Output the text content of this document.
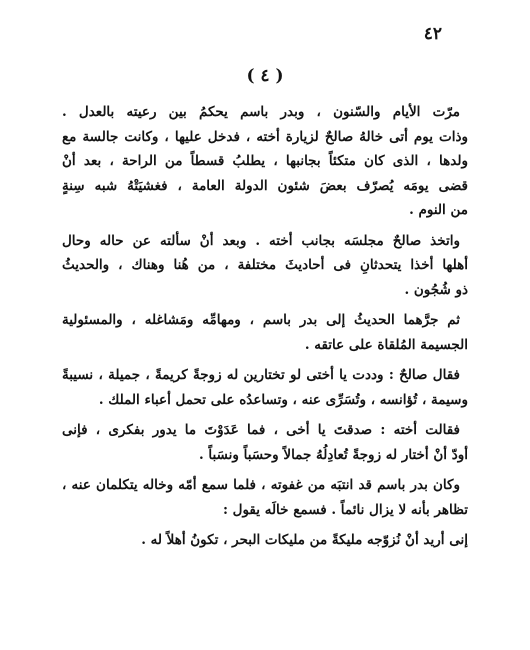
٤٢
( ٤ )
مرّت الأيام والسّنون ، وبدر باسم يحكمُ بين رعيته بالعدل .
وذات يوم أتى خالهُ صالحٌ لزيارة أخته ، فدخل عليها ، وكانت جالسة مع
ولدها ، الذى كان متكئاً بجانبها ، يطلبُ قسطاً من الراحة ، بعد أنْ
قضى يومَه يُصرّف بعضَ شئون الدولة العامة ، فغشيَتْهُ شبه سِنةٍ
من النوم .
واتخذ صالحٌ مجلسَه بجانب أخته . وبعد أنْ سألته عن حاله وحال
أهلها أخذا يتحدثانِ فى أحاديثَ مختلفة ، من هُنا وهناك ، والحديثُ
ذو شُجُون .
ثم جرَّهما الحديثُ إلى بدر باسم ، ومهامِّه ومَشاغله ، والمسئولية
الجسيمة المُلقاة على عاتقه .
فقال صالحٌ : وددت يا أختى لو تختارين له زوجةً كريمةً ، جميلة ، نسيبةً
وسيمة ، تُؤانسه ، وتُسَرِّى عنه ، وتساعدُه على تحمل أعباء الملك .
فقالت أخته : صدقتَ يا أخى ، فما عَدَوْتَ ما يدور بفكرى ، فإنى
أودّ أنْ أختار له زوجةً تُعادِلُهُ جمالاً وحسَباً ونسَباً .
وكان بدر باسم قد انتبَه من غفوته ، فلما سمع أمّه وخاله يتكلمان عنه ،
تظاهر بأنه لا يزال نائماً . فسمع خالَه يقول :
إنى أريد أنْ نُزوّجه مليكةً من مليكات البحر ، تكونُ أهلاً له .
